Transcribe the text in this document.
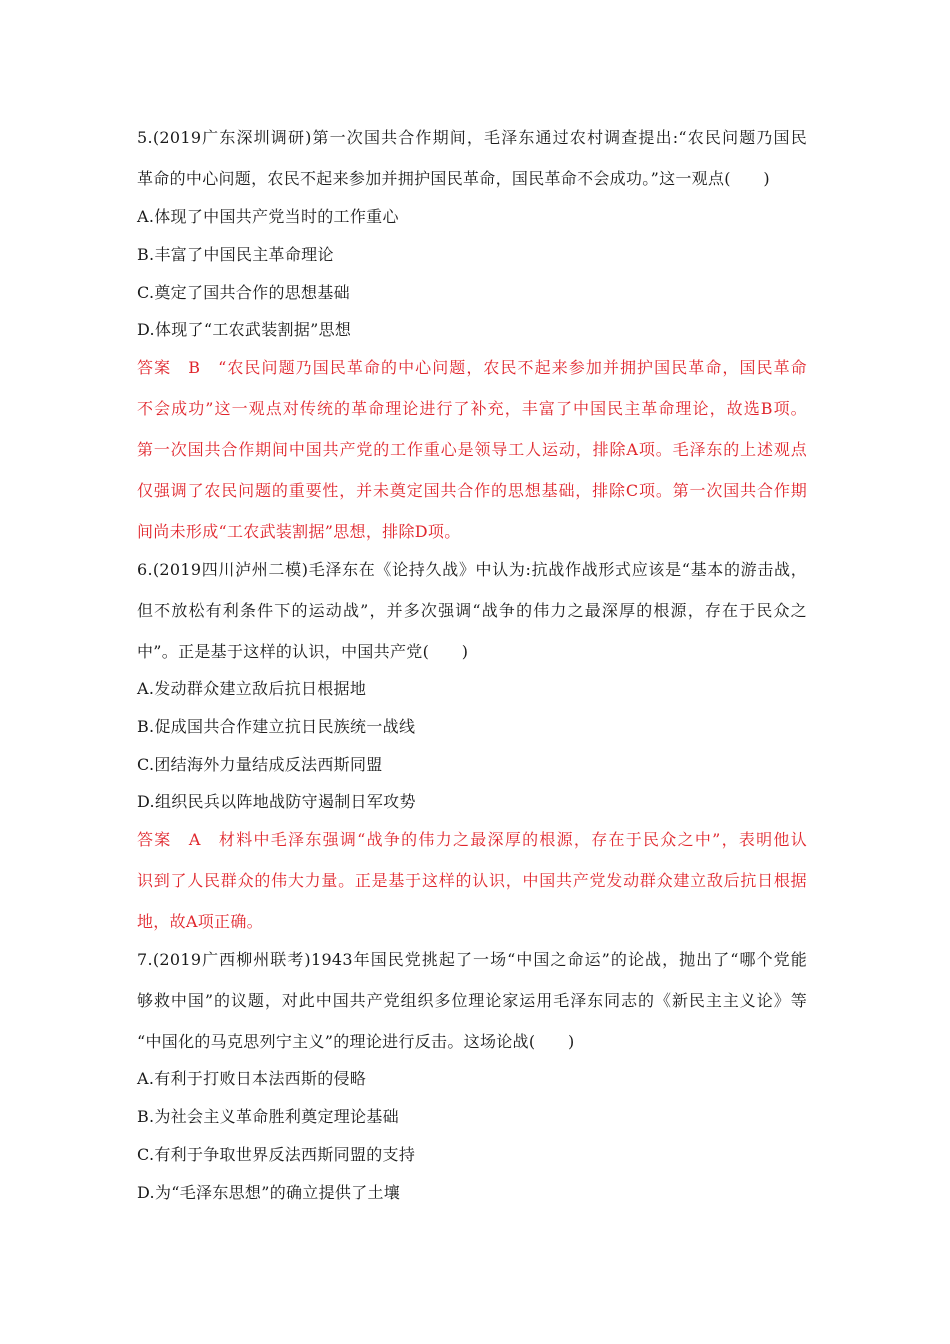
5.(2019广东深圳调研)第一次国共合作期间，毛泽东通过农村调查提出:“农民问题乃国民
革命的中心问题，农民不起来参加并拥护国民革命，国民革命不会成功。”这一观点(　　)
A.体现了中国共产党当时的工作重心
B.丰富了中国民主革命理论
C.奠定了国共合作的思想基础
D.体现了“工农武装割据”思想
答案　B　“农民问题乃国民革命的中心问题，农民不起来参加并拥护国民革命，国民革命
不会成功”这一观点对传统的革命理论进行了补充，丰富了中国民主革命理论，故选B项。
第一次国共合作期间中国共产党的工作重心是领导工人运动，排除A项。毛泽东的上述观点
仅强调了农民问题的重要性，并未奠定国共合作的思想基础，排除C项。第一次国共合作期
间尚未形成“工农武装割据”思想，排除D项。
6.(2019四川泸州二模)毛泽东在《论持久战》中认为:抗战作战形式应该是“基本的游击战，
但不放松有利条件下的运动战”，并多次强调“战争的伟力之最深厚的根源，存在于民众之
中”。正是基于这样的认识，中国共产党(　　)
A.发动群众建立敌后抗日根据地
B.促成国共合作建立抗日民族统一战线
C.团结海外力量结成反法西斯同盟
D.组织民兵以阵地战防守遏制日军攻势
答案　A　材料中毛泽东强调“战争的伟力之最深厚的根源，存在于民众之中”，表明他认
识到了人民群众的伟大力量。正是基于这样的认识，中国共产党发动群众建立敌后抗日根据
地，故A项正确。
7.(2019广西柳州联考)1943年国民党挑起了一场“中国之命运”的论战，抛出了“哪个党能
够救中国”的议题，对此中国共产党组织多位理论家运用毛泽东同志的《新民主主义论》等
“中国化的马克思列宁主义”的理论进行反击。这场论战(　　)
A.有利于打败日本法西斯的侵略
B.为社会主义革命胜利奠定理论基础
C.有利于争取世界反法西斯同盟的支持
D.为“毛泽东思想”的确立提供了土壤
